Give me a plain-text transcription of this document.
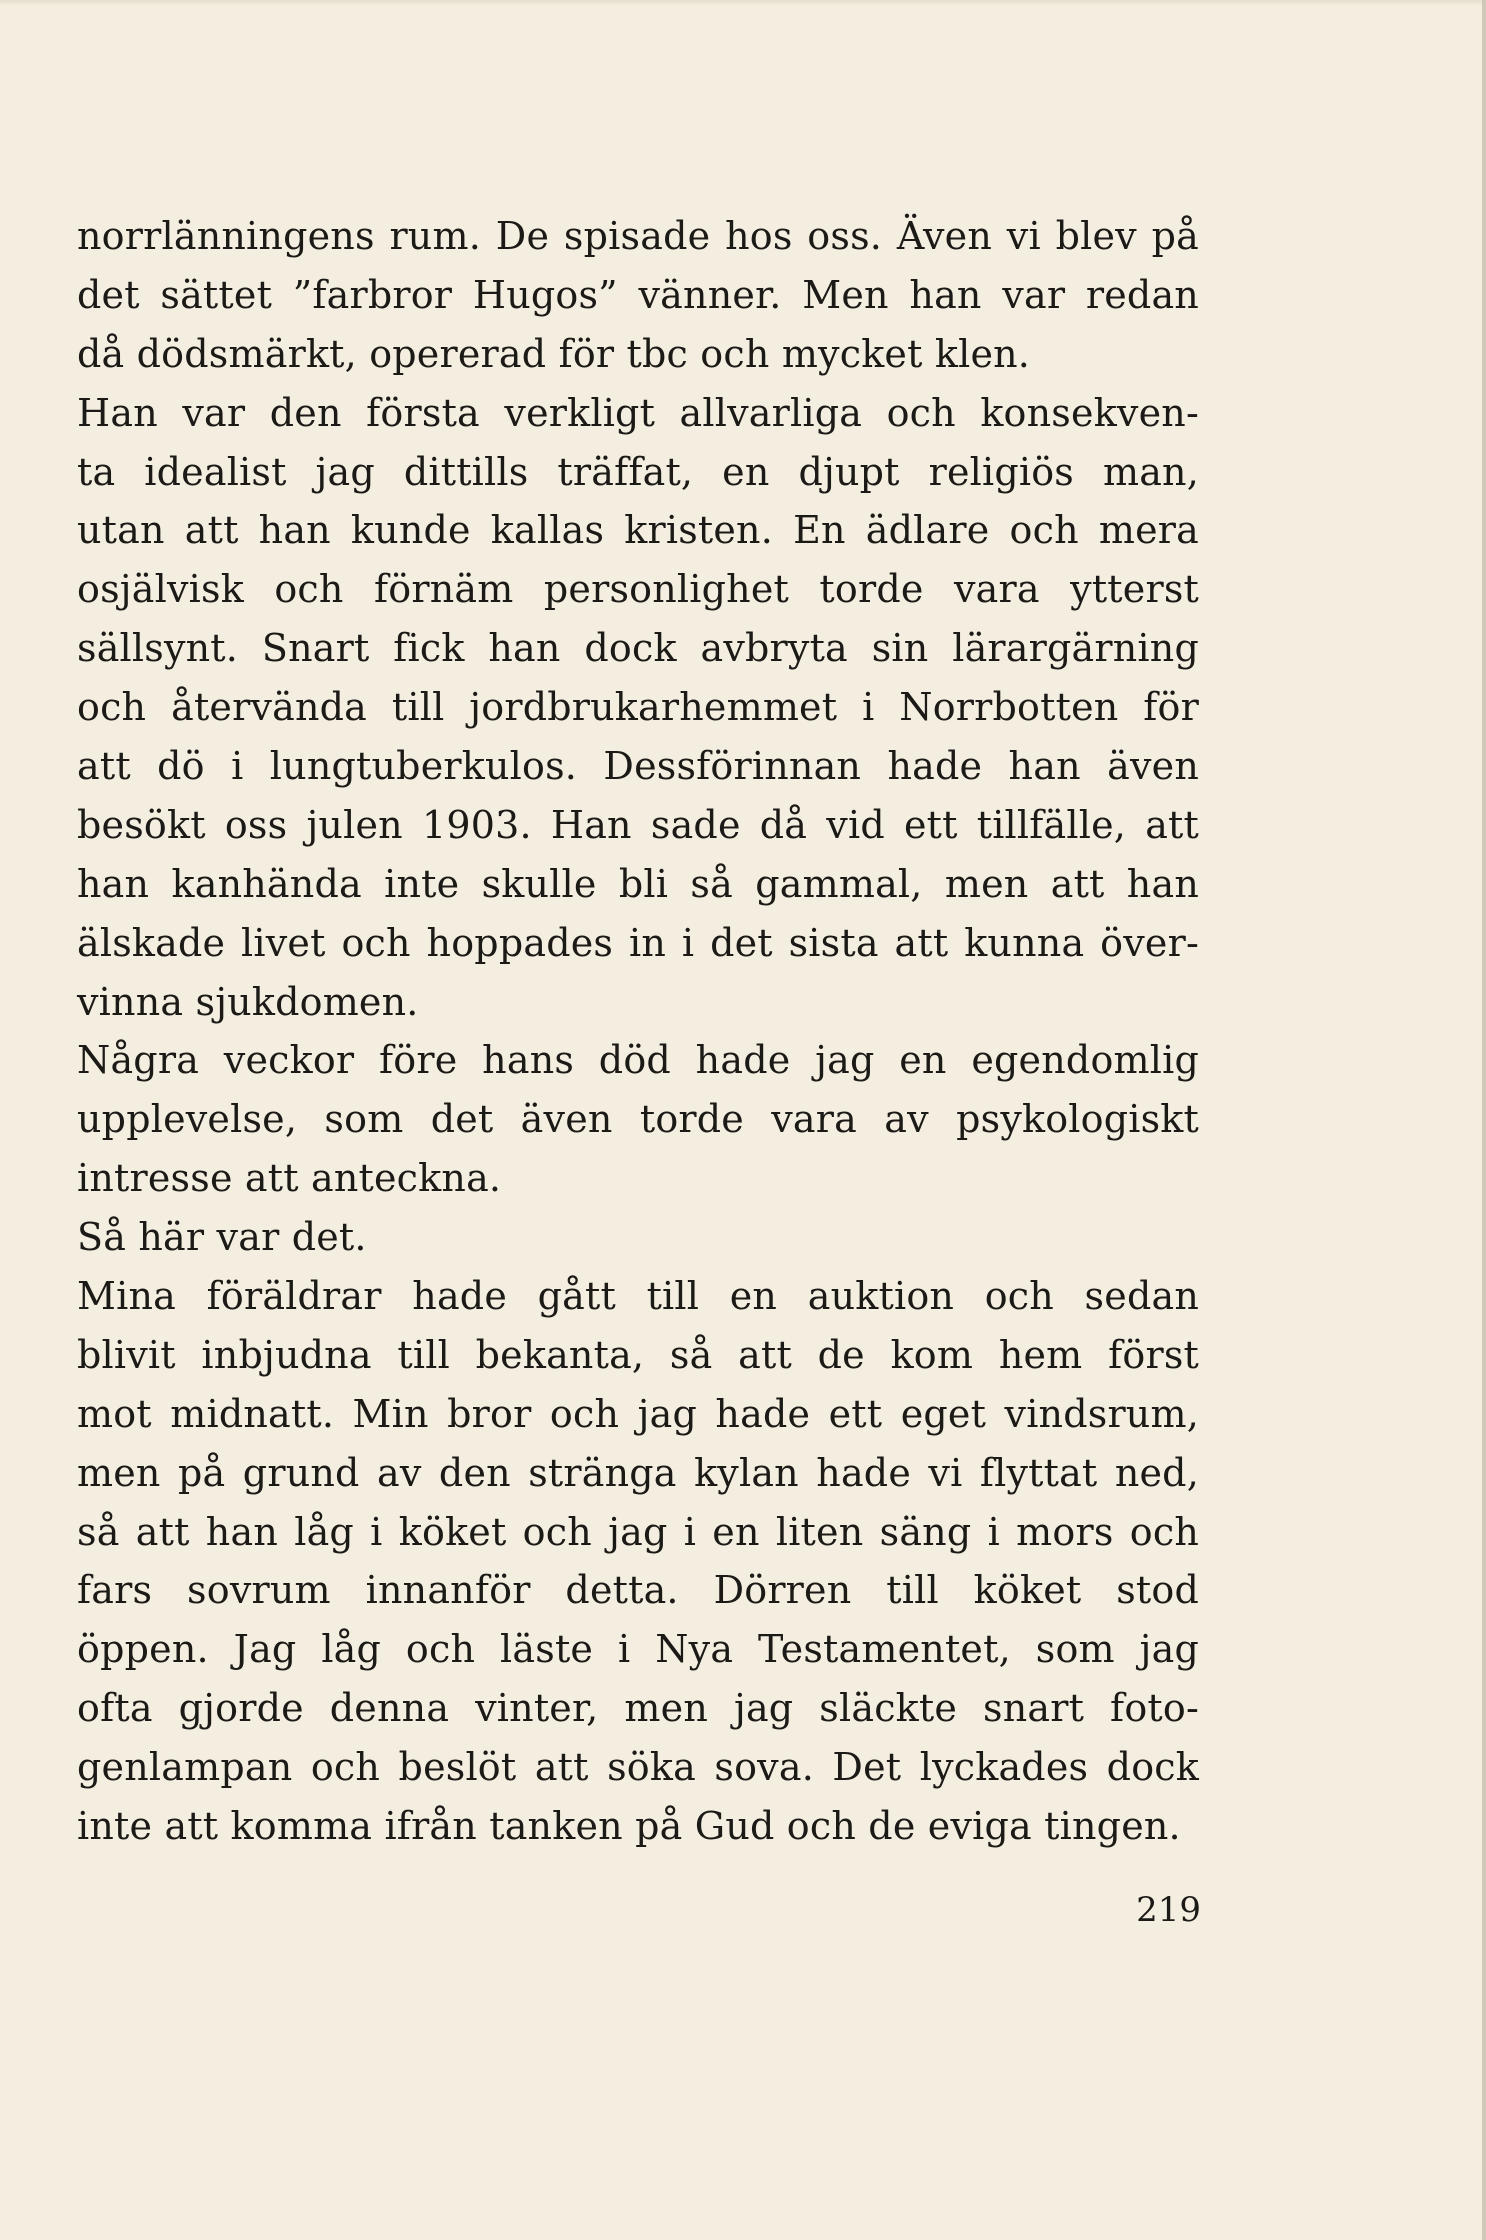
norrlänningens rum. De spisade hos oss. Även vi blev på
det sättet ”farbror Hugos” vänner. Men han var redan
då dödsmärkt, opererad för tbc och mycket klen.
Han var den första verkligt allvarliga och konsekven-
ta idealist jag dittills träffat, en djupt religiös man,
utan att han kunde kallas kristen. En ädlare och mera
osjälvisk och förnäm personlighet torde vara ytterst
sällsynt. Snart fick han dock avbryta sin lärargärning
och återvända till jordbrukarhemmet i Norrbotten för
att dö i lungtuberkulos. Dessförinnan hade han även
besökt oss julen 1903. Han sade då vid ett tillfälle, att
han kanhända inte skulle bli så gammal, men att han
älskade livet och hoppades in i det sista att kunna över-
vinna sjukdomen.
Några veckor före hans död hade jag en egendomlig
upplevelse, som det även torde vara av psykologiskt
intresse att anteckna.
Så här var det.
Mina föräldrar hade gått till en auktion och sedan
blivit inbjudna till bekanta, så att de kom hem först
mot midnatt. Min bror och jag hade ett eget vindsrum,
men på grund av den stränga kylan hade vi flyttat ned,
så att han låg i köket och jag i en liten säng i mors och
fars sovrum innanför detta. Dörren till köket stod
öppen. Jag låg och läste i Nya Testamentet, som jag
ofta gjorde denna vinter, men jag släckte snart foto-
genlampan och beslöt att söka sova. Det lyckades dock
inte att komma ifrån tanken på Gud och de eviga tingen.
219
